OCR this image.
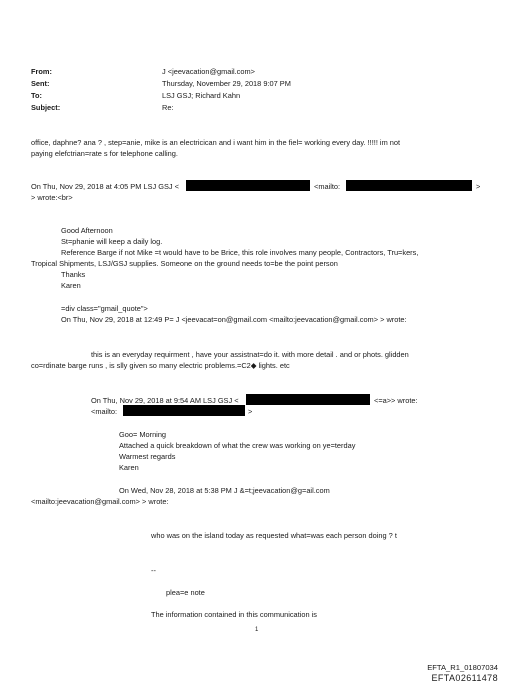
From:	J <jeevacation@gmail.com>
Sent:	Thursday, November 29, 2018 9:07 PM
To:	LSJ GSJ; Richard Kahn
Subject:	Re:
office, daphne? ana ? , step=anie, mike is an electricican and i want him in the fiel= working every day. !!!!! im not
paying elefctrian=rate s for telephone calling.
On Thu, Nov 29, 2018 at 4:05 PM LSJ GSJ <	<mailto:	>
> wrote:<br>
Good Afternoon
St=phanie will keep a daily log.
Reference Barge if not Mike =t would have to be Brice, this role involves many people, Contractors, Tru=kers,
Tropical Shipments, LSJ/GSJ supplies. Someone on the ground needs to=be the point person
Thanks
Karen
=div class="gmail_quote">
On Thu, Nov 29, 2018 at 12:49 P= J <jeevacat=on@gmail.com <mailto:jeevacation@gmail.com> > wrote:
this is an everyday requirment , have your assistnat=do it. with more detail . and or phots. glidden
co=rdinate barge runs , is slly given so many electric problems.=C2◆ lights. etc
On Thu, Nov 29, 2018 at 9:54 AM LSJ GSJ <	<=a>> wrote:
<mailto:	>
Goo= Morning
Attached a quick breakdown of what the crew was working on ye=terday
Warmest regards
Karen
On Wed, Nov 28, 2018 at 5:38 PM J &=t;jeevacation@g=ail.com
<mailto:jeevacation@gmail.com> > wrote:
who was on the island today as requested what=was each person doing ? t
--
plea=e note
The information contained in this communication is
1
EFTA_R1_01807034
EFTA02611478
